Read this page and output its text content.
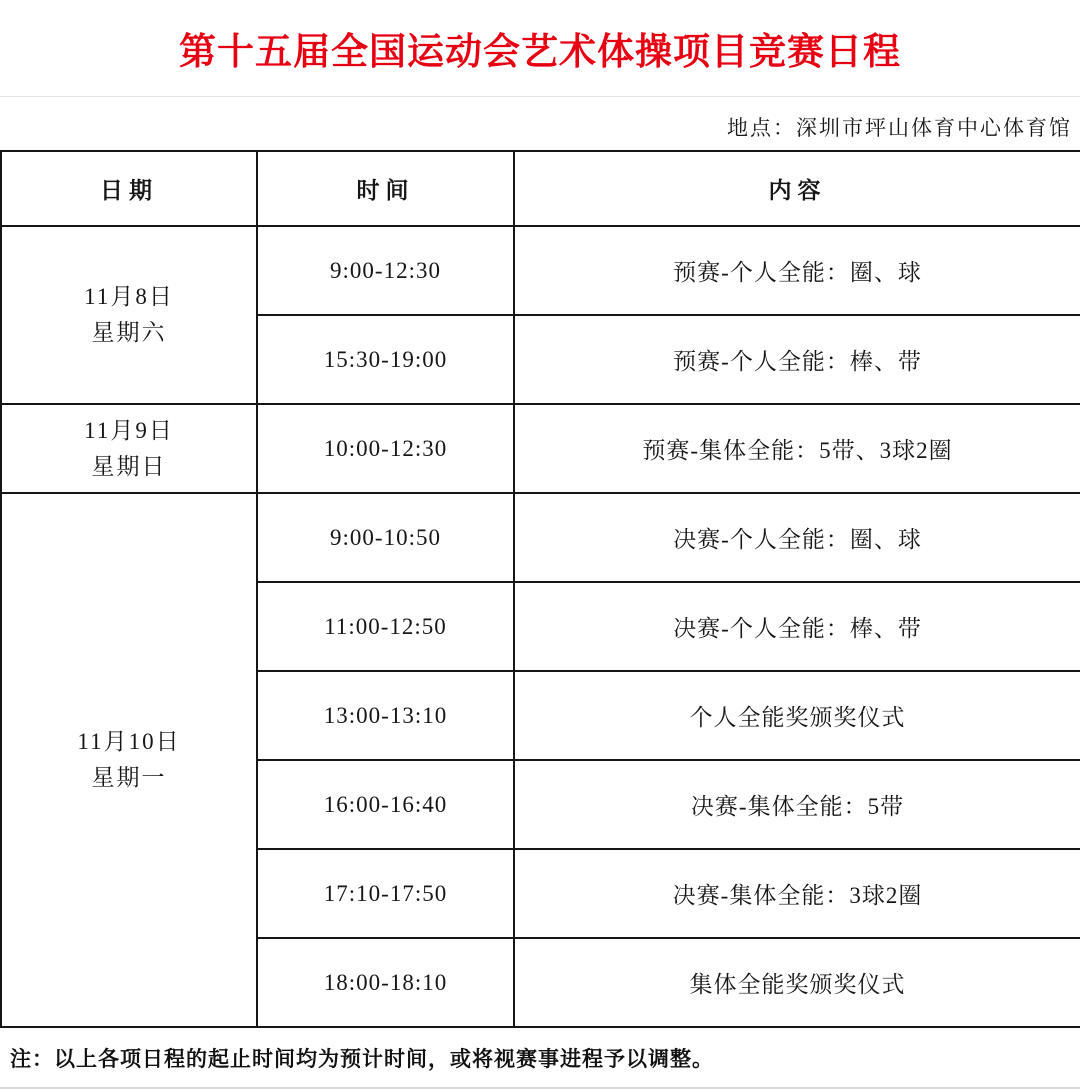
第十五届全国运动会艺术体操项目竞赛日程
地点：深圳市坪山体育中心体育馆
日期	时间	内容

11月8日
星期六	9:00-12:30	预赛-个人全能：圈、球
	15:30-19:00	预赛-个人全能：棒、带

11月9日
星期日	10:00-12:30	预赛-集体全能：5带、3球2圈

11月10日
星期一	9:00-10:50	决赛-个人全能：圈、球
	11:00-12:50	决赛-个人全能：棒、带
	13:00-13:10	个人全能奖颁奖仪式
	16:00-16:40	决赛-集体全能：5带
	17:10-17:50	决赛-集体全能：3球2圈
	18:00-18:10	集体全能奖颁奖仪式
注：以上各项日程的起止时间均为预计时间，或将视赛事进程予以调整。
